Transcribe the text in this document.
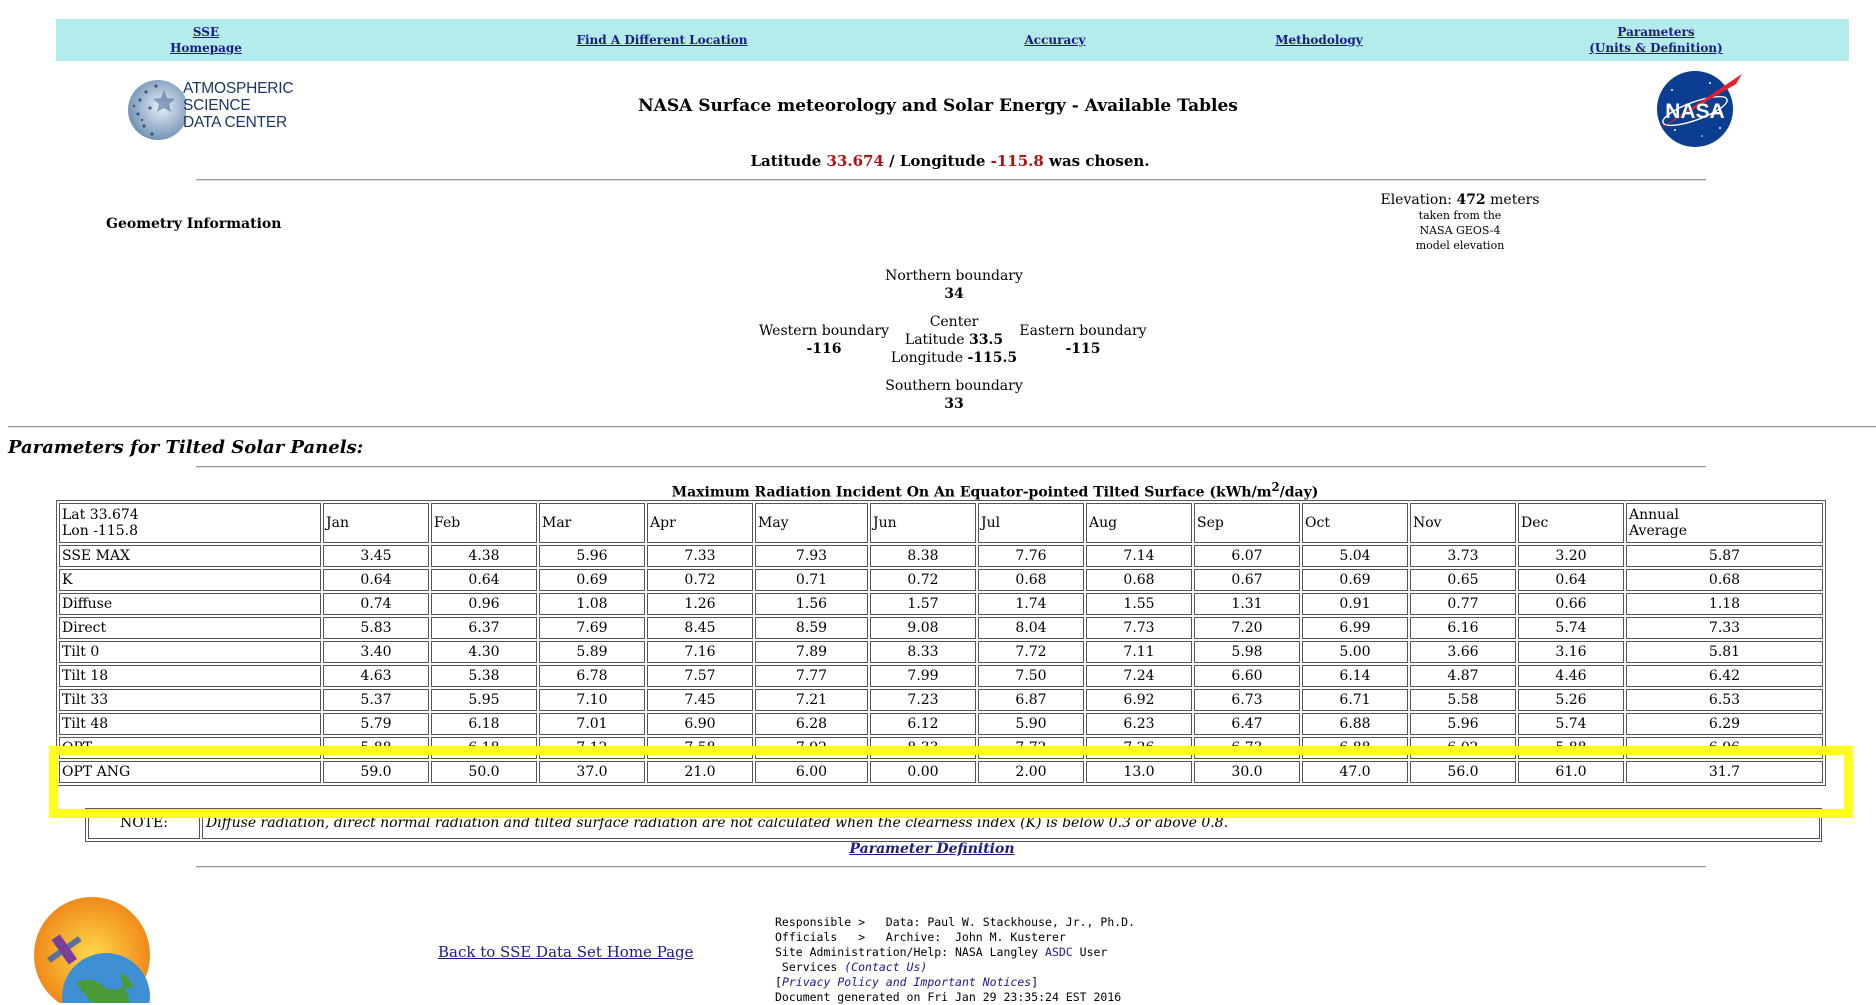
SSE
Homepage
Find A Different Location	Accuracy	Methodology
Parameters
(Units & Definition)
ATMOSPHERIC
SCIENCE
DATA CENTER	NASA
NASA Surface meteorology and Solar Energy - Available Tables
Latitude 33.674 / Longitude -115.8 was chosen.
Geometry Information
Elevation: 472 meters
taken from the
NASA GEOS-4
model elevation
Northern boundary
34
Western boundary
-116
Center
Latitude 33.5
Longitude -115.5
Eastern boundary
-115
Southern boundary
33
Parameters for Tilted Solar Panels:
Maximum Radiation Incident On An Equator-pointed Tilted Surface $(kWh/m^2/day)$
Lat 33.674
Lon -115.8	Jan	Feb	Mar	Apr	May	Jun	Jul	Aug	Sep	Oct	Nov	Dec	Annual
Average
SSE MAX	3.45	4.38	5.96	7.33	7.93	8.38	7.76	7.14	6.07	5.04	3.73	3.20	5.87
K	0.64	0.64	0.69	0.72	0.71	0.72	0.68	0.68	0.67	0.69	0.65	0.64	0.68
Diffuse	0.74	0.96	1.08	1.26	1.56	1.57	1.74	1.55	1.31	0.91	0.77	0.66	1.18
Direct	5.83	6.37	7.69	8.45	8.59	9.08	8.04	7.73	7.20	6.99	6.16	5.74	7.33
Tilt 0	3.40	4.30	5.89	7.16	7.89	8.33	7.72	7.11	5.98	5.00	3.66	3.16	5.81
Tilt 18	4.63	5.38	6.78	7.57	7.77	7.99	7.50	7.24	6.60	6.14	4.87	4.46	6.42
Tilt 33	5.37	5.95	7.10	7.45	7.21	7.23	6.87	6.92	6.73	6.71	5.58	5.26	6.53
Tilt 48	5.79	6.18	7.01	6.90	6.28	6.12	5.90	6.23	6.47	6.88	5.96	5.74	6.29
OPT	5.88	6.18	7.12	7.58	7.92	8.33	7.72	7.26	6.73	6.88	6.02	5.88	6.96
OPT ANG	59.0	50.0	37.0	21.0	6.00	0.00	2.00	13.0	30.0	47.0	56.0	61.0	31.7
NOTE:	Diffuse radiation, direct normal radiation and tilted surface radiation are not calculated when the clearness index (K) is below 0.3 or above 0.8.
Parameter Definition
Back to SSE Data Set Home Page
Responsible >   Data: Paul W. Stackhouse, Jr., Ph.D.
Officials   >   Archive:  John M. Kusterer
Site Administration/Help: NASA Langley ASDC User
Services (Contact Us)
[Privacy Policy and Important Notices]
Document generated on Fri Jan 29 23:35:24 EST 2016
